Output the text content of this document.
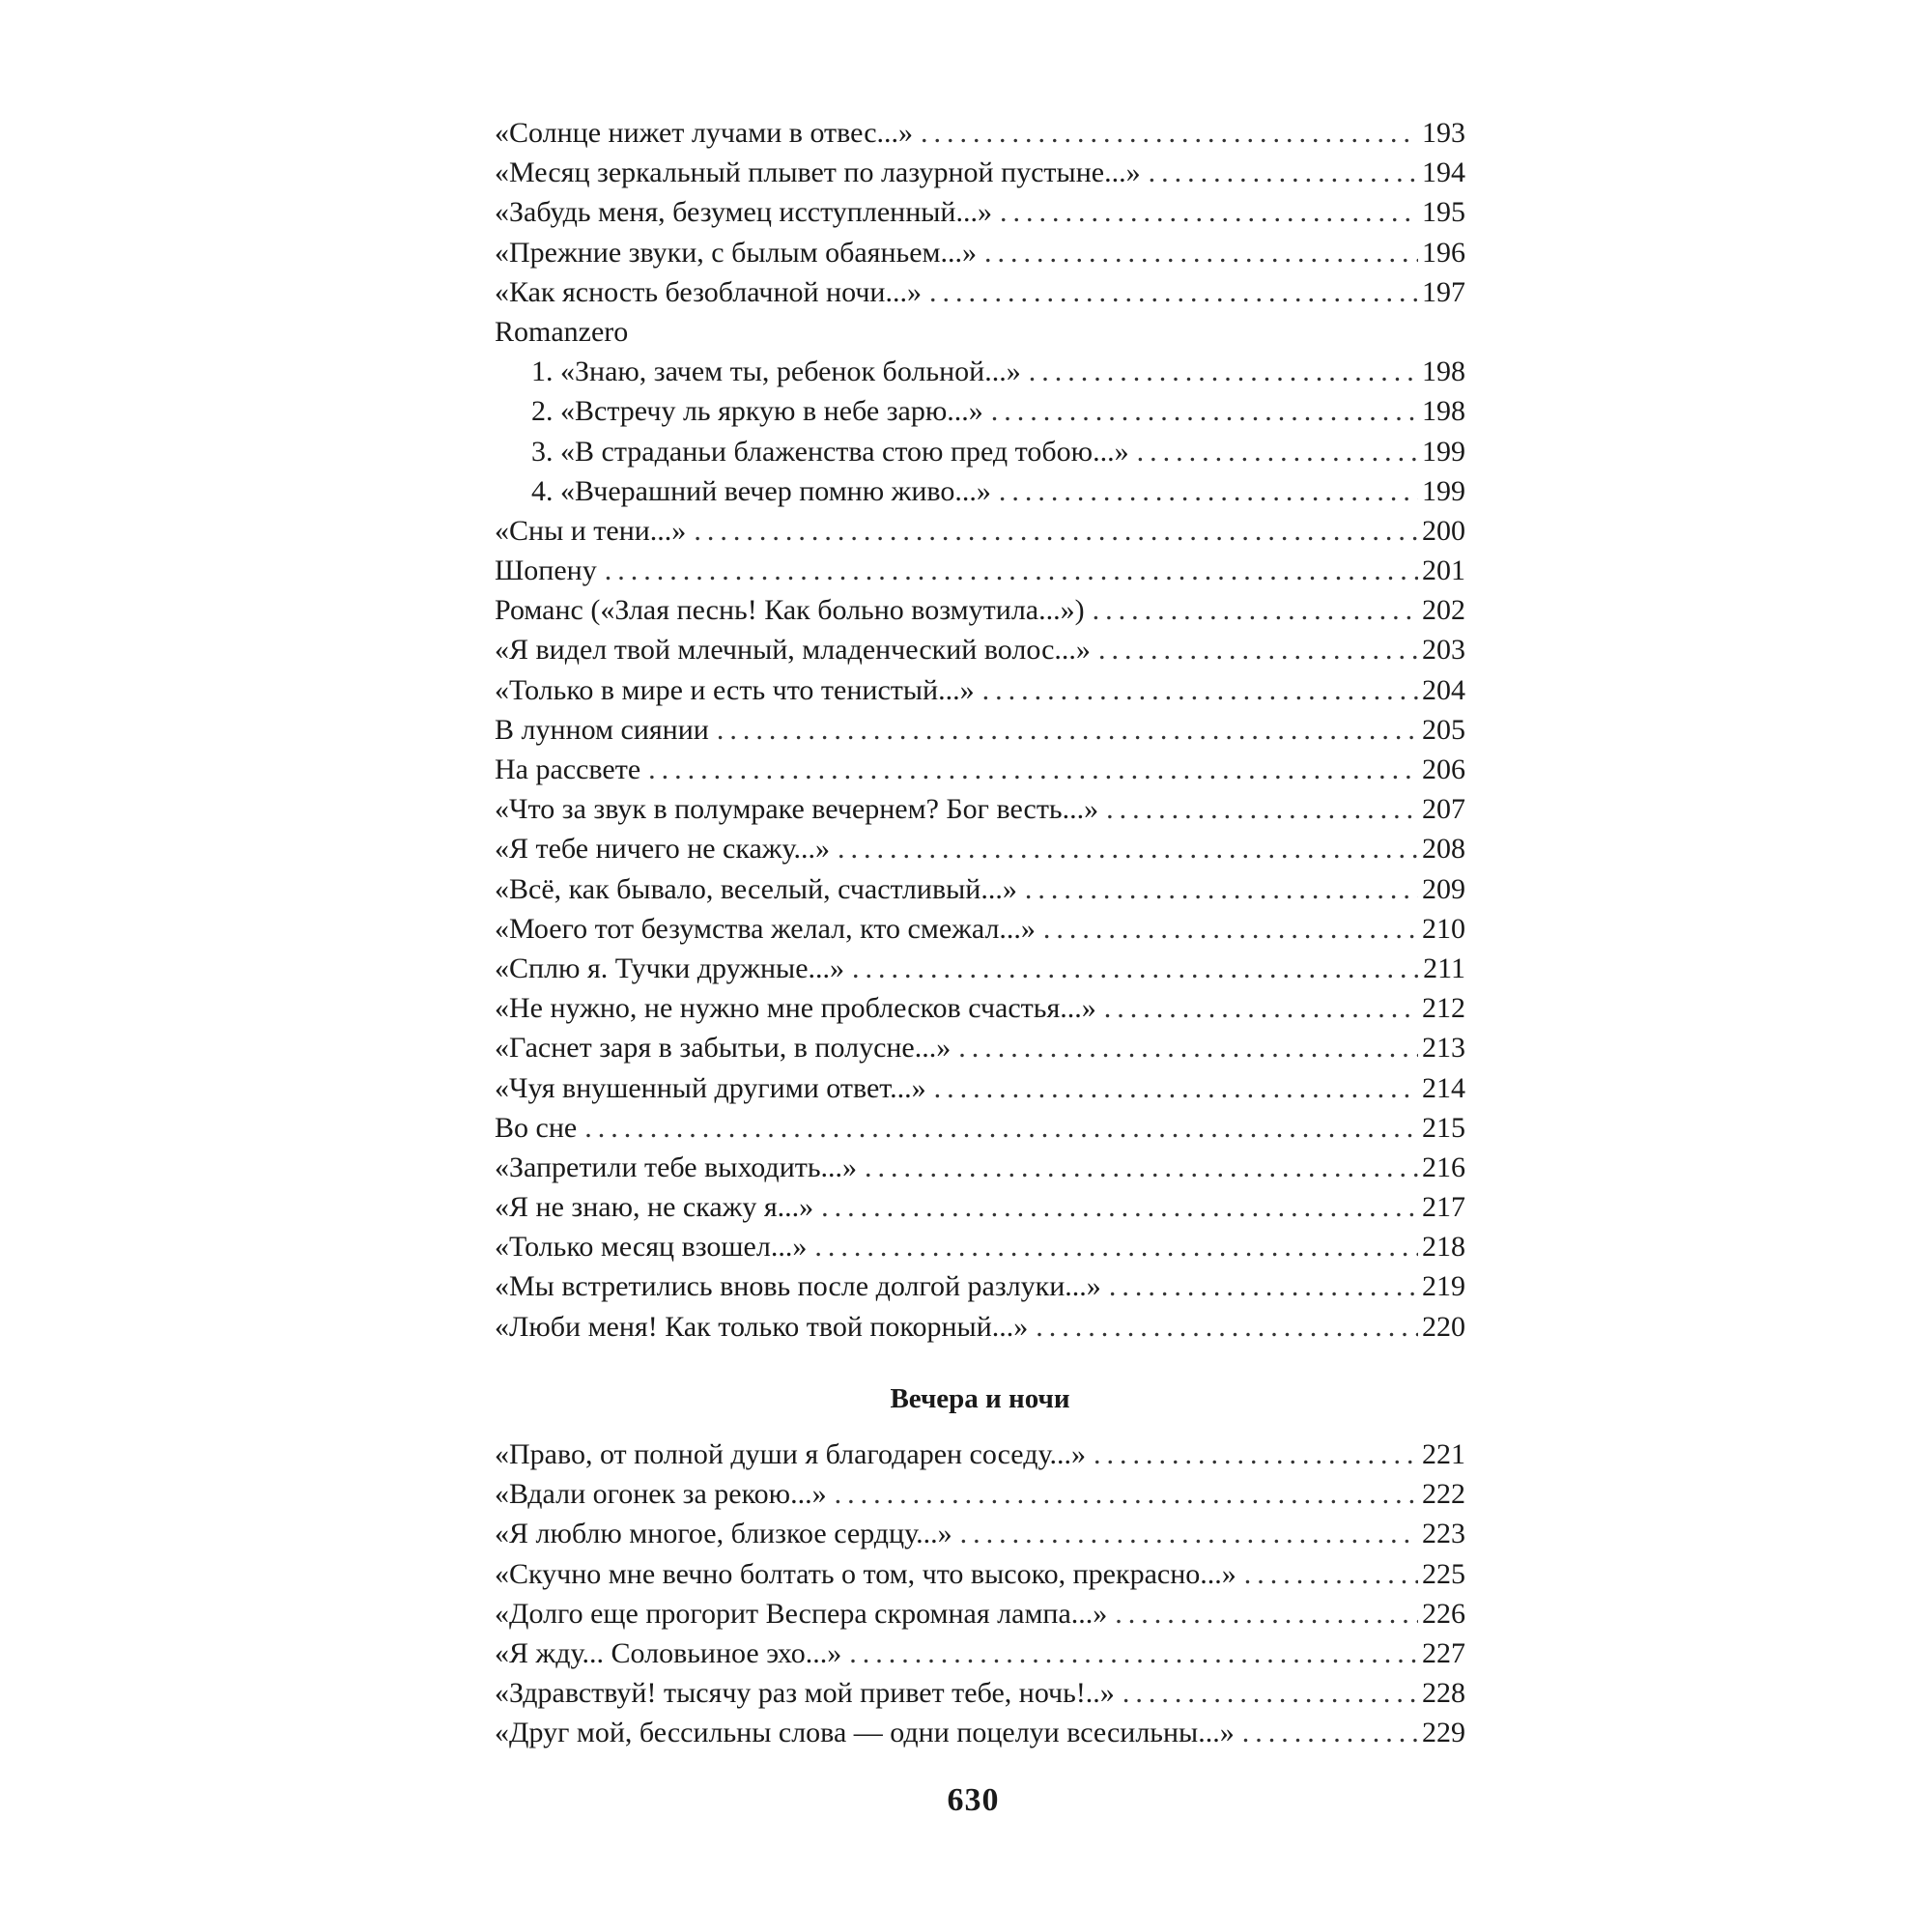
«Солнце нижет лучами в отвес...» . . .	193
«Месяц зеркальный плывет по лазурной пустыне...» . . .	194
«Забудь меня, безумец исступленный...» . . .	195
«Прежние звуки, с былым обаяньем...» . . .	196
«Как ясность безоблачной ночи...» . . .	197
Romanzero
1. «Знаю, зачем ты, ребенок больной...» . . .	198
2. «Встречу ль яркую в небе зарю...» . . .	198
3. «В страданьи блаженства стою пред тобою...» . . .	199
4. «Вчерашний вечер помню живо...» . . .	199
«Сны и тени...» . . .	200
Шопену . . .	201
Романс («Злая песнь! Как больно возмутила...») . . .	202
«Я видел твой млечный, младенческий волос...» . . .	203
«Только в мире и есть что тенистый...» . . .	204
В лунном сиянии . . .	205
На рассвете . . .	206
«Что за звук в полумраке вечернем? Бог весть...» . . .	207
«Я тебе ничего не скажу...» . . .	208
«Всё, как бывало, веселый, счастливый...» . . .	209
«Моего тот безумства желал, кто смежал...» . . .	210
«Сплю я. Тучки дружные...» . . .	211
«Не нужно, не нужно мне проблесков счастья...» . . .	212
«Гаснет заря в забытьи, в полусне...» . . .	213
«Чуя внушенный другими ответ...» . . .	214
Во сне . . .	215
«Запретили тебе выходить...» . . .	216
«Я не знаю, не скажу я...» . . .	217
«Только месяц взошел...» . . .	218
«Мы встретились вновь после долгой разлуки...» . . .	219
«Люби меня! Как только твой покорный...» . . .	220
Вечера и ночи
«Право, от полной души я благодарен соседу...» . . .	221
«Вдали огонек за рекою...» . . .	222
«Я люблю многое, близкое сердцу...» . . .	223
«Скучно мне вечно болтать о том, что высоко, прекрасно...» . . .	225
«Долго еще прогорит Веспера скромная лампа...» . . .	226
«Я жду... Соловьиное эхо...» . . .	227
«Здравствуй! тысячу раз мой привет тебе, ночь!..» . . .	228
«Друг мой, бессильны слова — одни поцелуи всесильны...» . . .	229
630
